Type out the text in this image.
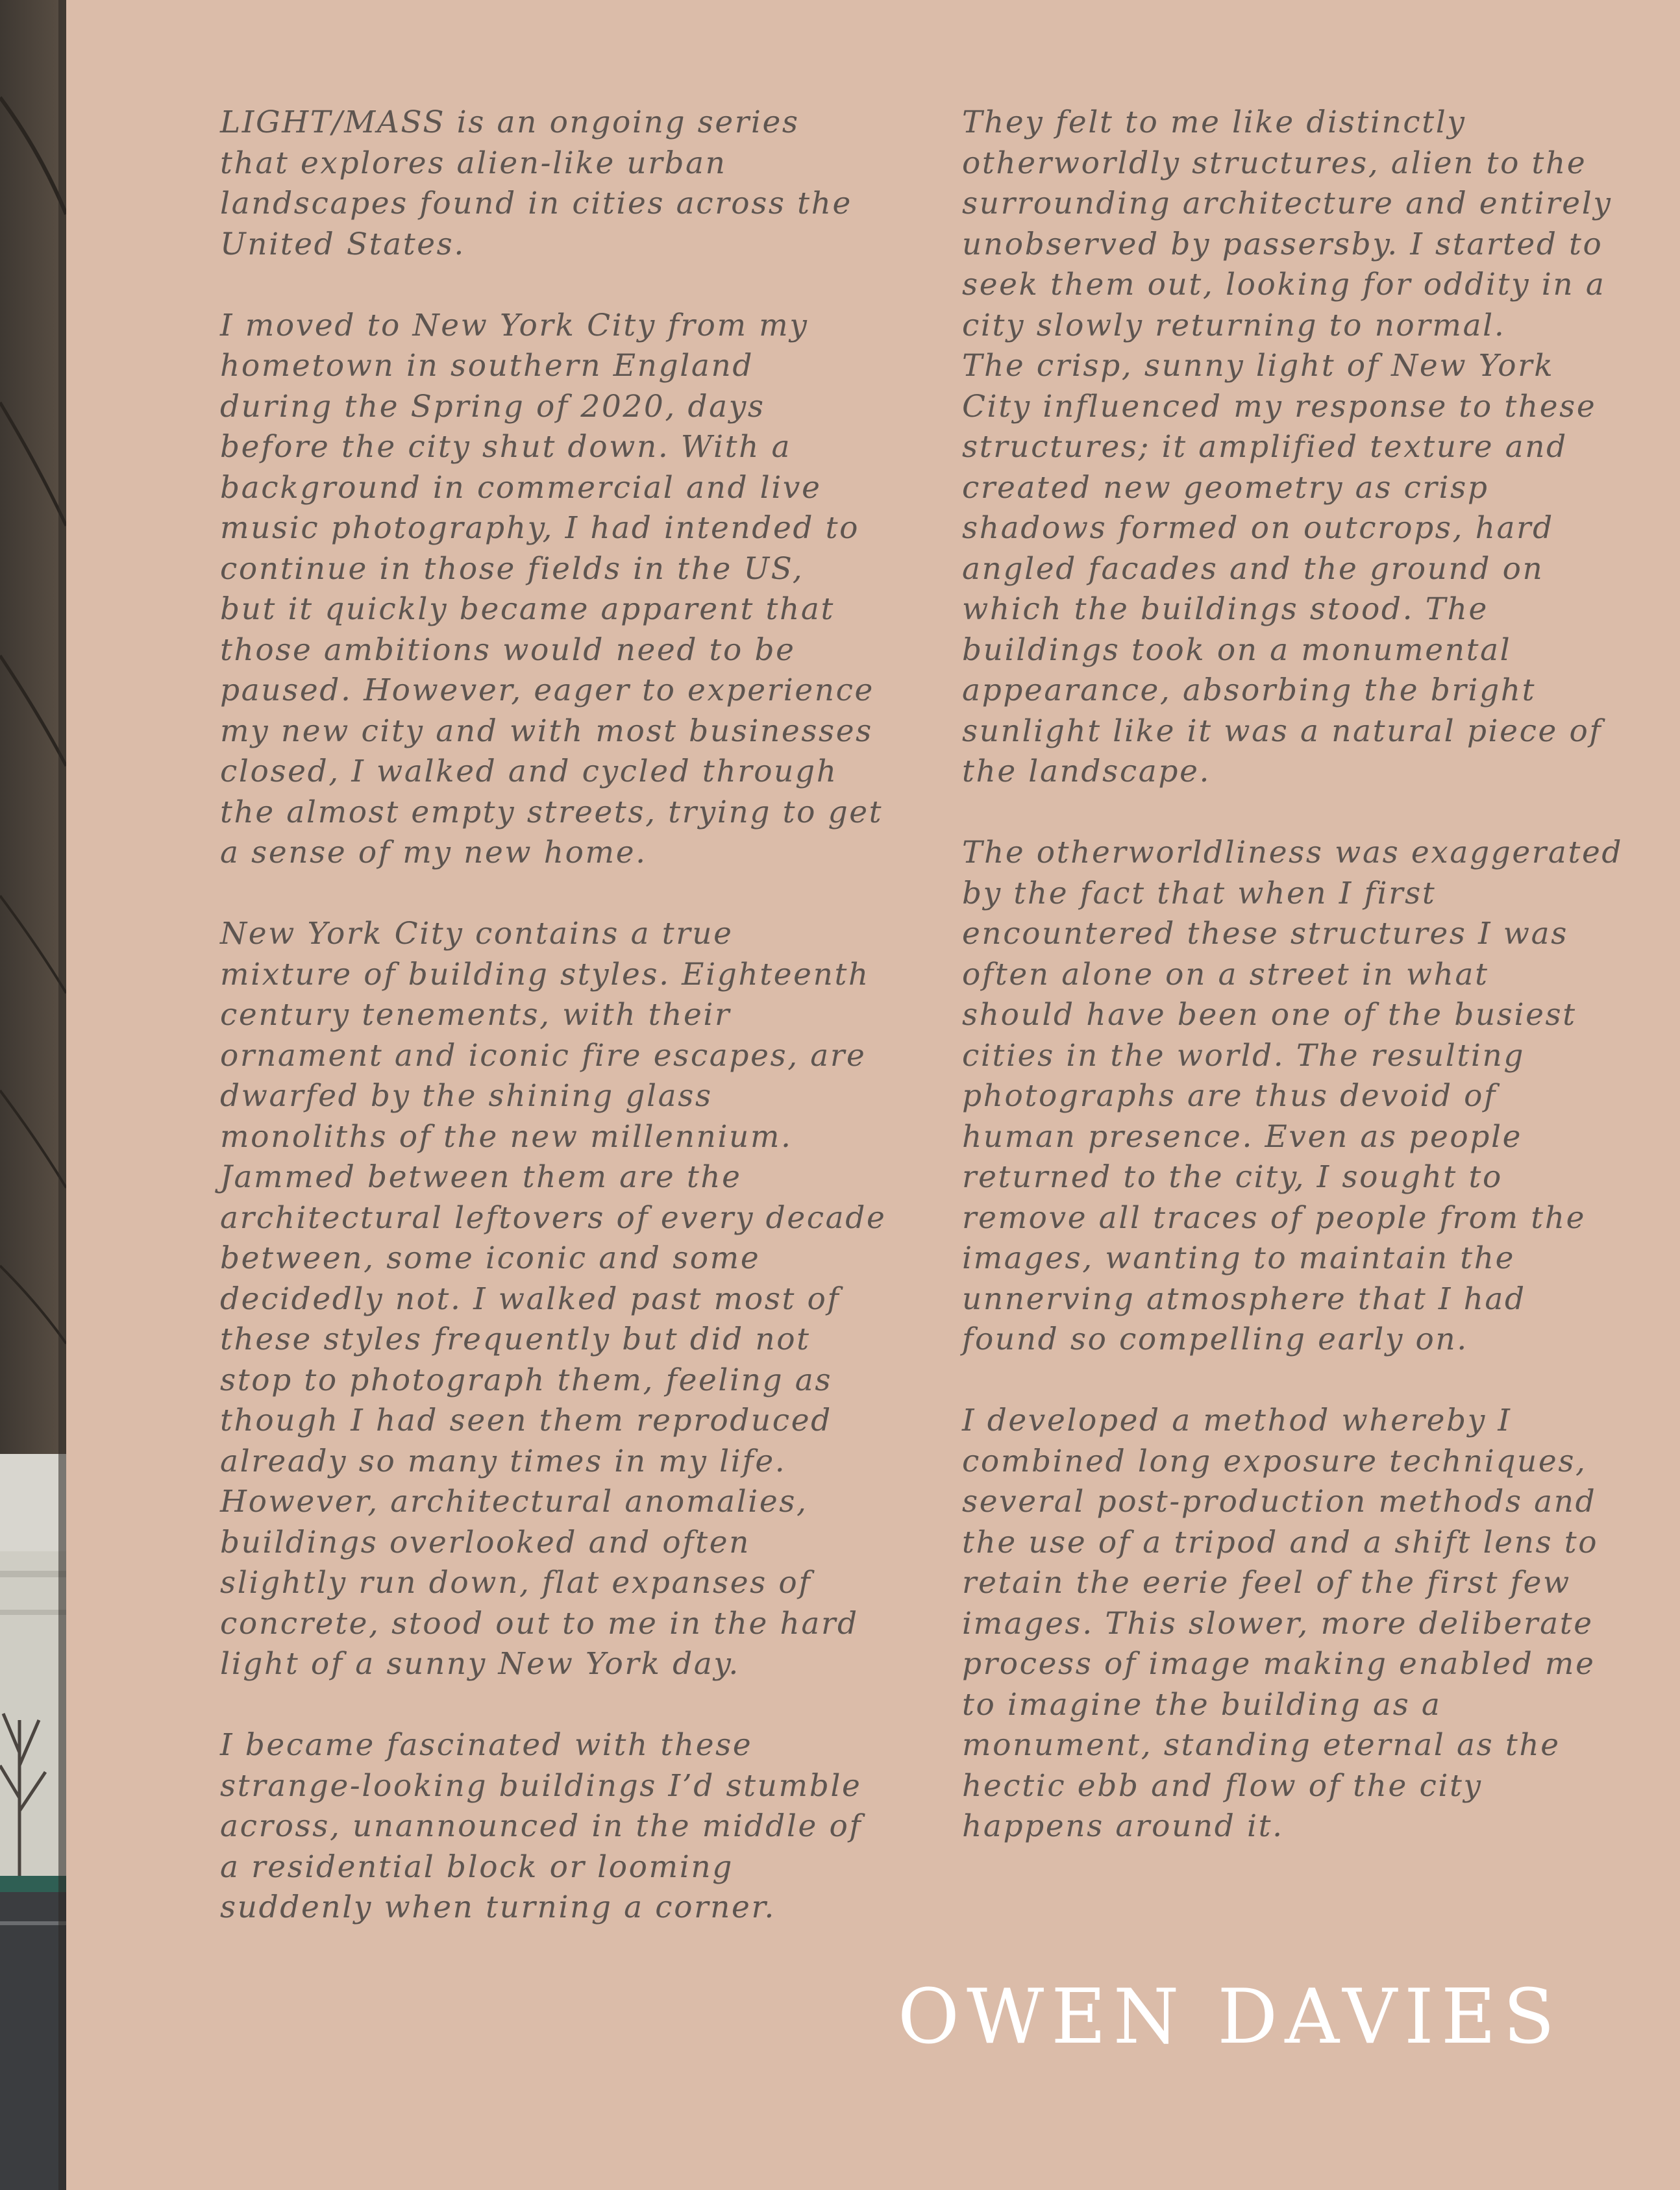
LIGHT/MASS is an ongoing series
that explores alien-like urban
landscapes found in cities across the
United States.

I moved to New York City from my
hometown in southern England
during the Spring of 2020, days
before the city shut down. With a
background in commercial and live
music photography, I had intended to
continue in those fields in the US,
but it quickly became apparent that
those ambitions would need to be
paused. However, eager to experience
my new city and with most businesses
closed, I walked and cycled through
the almost empty streets, trying to get
a sense of my new home.

New York City contains a true
mixture of building styles. Eighteenth
century tenements, with their
ornament and iconic fire escapes, are
dwarfed by the shining glass
monoliths of the new millennium.
Jammed between them are the
architectural leftovers of every decade
between, some iconic and some
decidedly not. I walked past most of
these styles frequently but did not
stop to photograph them, feeling as
though I had seen them reproduced
already so many times in my life.
However, architectural anomalies,
buildings overlooked and often
slightly run down, flat expanses of
concrete, stood out to me in the hard
light of a sunny New York day.

I became fascinated with these
strange-looking buildings I’d stumble
across, unannounced in the middle of
a residential block or looming
suddenly when turning a corner.

They felt to me like distinctly
otherworldly structures, alien to the
surrounding architecture and entirely
unobserved by passersby. I started to
seek them out, looking for oddity in a
city slowly returning to normal.
The crisp, sunny light of New York
City influenced my response to these
structures; it amplified texture and
created new geometry as crisp
shadows formed on outcrops, hard
angled facades and the ground on
which the buildings stood. The
buildings took on a monumental
appearance, absorbing the bright
sunlight like it was a natural piece of
the landscape.

The otherworldliness was exaggerated
by the fact that when I first
encountered these structures I was
often alone on a street in what
should have been one of the busiest
cities in the world. The resulting
photographs are thus devoid of
human presence. Even as people
returned to the city, I sought to
remove all traces of people from the
images, wanting to maintain the
unnerving atmosphere that I had
found so compelling early on.

I developed a method whereby I
combined long exposure techniques,
several post-production methods and
the use of a tripod and a shift lens to
retain the eerie feel of the first few
images. This slower, more deliberate
process of image making enabled me
to imagine the building as a
monument, standing eternal as the
hectic ebb and flow of the city
happens around it.

OWEN DAVIES
